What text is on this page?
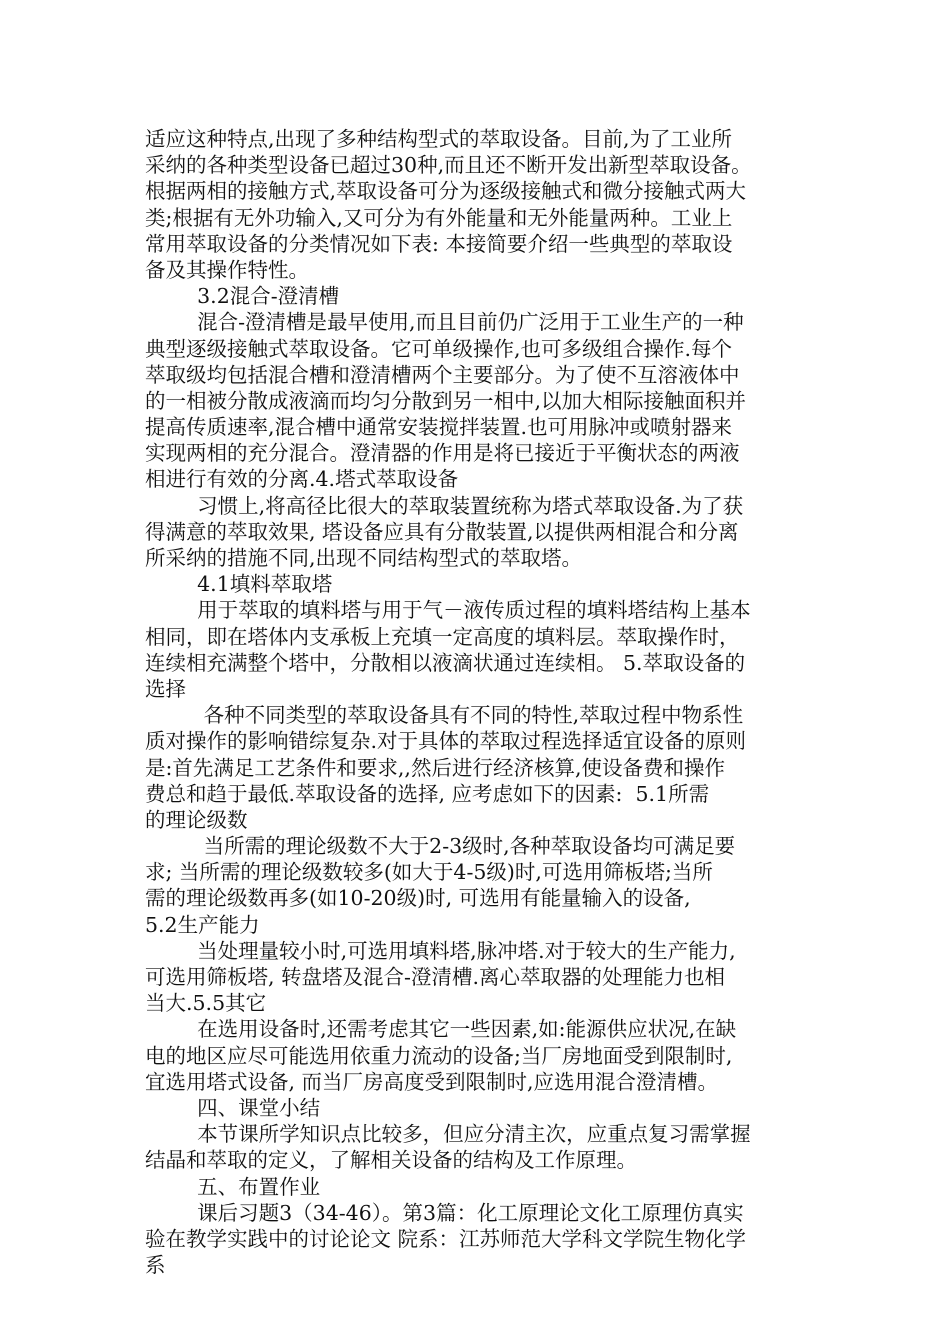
适应这种特点,出现了多种结构型式的萃取设备。目前,为了工业所
采纳的各种类型设备已超过30种,而且还不断开发出新型萃取设备。
根据两相的接触方式,萃取设备可分为逐级接触式和微分接触式两大
类;根据有无外功输入,又可分为有外能量和无外能量两种。工业上
常用萃取设备的分类情况如下表: 本接简要介绍一些典型的萃取设
备及其操作特性。
3.2混合-澄清槽
混合-澄清槽是最早使用,而且目前仍广泛用于工业生产的一种
典型逐级接触式萃取设备。它可单级操作,也可多级组合操作.每个
萃取级均包括混合槽和澄清槽两个主要部分。为了使不互溶液体中
的一相被分散成液滴而均匀分散到另一相中,以加大相际接触面积并
提高传质速率,混合槽中通常安装搅拌装置.也可用脉冲或喷射器来
实现两相的充分混合。澄清器的作用是将已接近于平衡状态的两液
相进行有效的分离.4.塔式萃取设备
习惯上,将高径比很大的萃取装置统称为塔式萃取设备.为了获
得满意的萃取效果, 塔设备应具有分散装置,以提供两相混合和分离
所采纳的措施不同,出现不同结构型式的萃取塔。
4.1填料萃取塔
用于萃取的填料塔与用于气－液传质过程的填料塔结构上基本
相同，即在塔体内支承板上充填一定高度的填料层。萃取操作时，
连续相充满整个塔中，分散相以液滴状通过连续相。 5.萃取设备的
选择
各种不同类型的萃取设备具有不同的特性,萃取过程中物系性
质对操作的影响错综复杂.对于具体的萃取过程选择适宜设备的原则
是:首先满足工艺条件和要求,,然后进行经济核算,使设备费和操作
费总和趋于最低.萃取设备的选择, 应考虑如下的因素:  5.1所需
的理论级数
当所需的理论级数不大于2-3级时,各种萃取设备均可满足要
求; 当所需的理论级数较多(如大于4-5级)时,可选用筛板塔;当所
需的理论级数再多(如10-20级)时, 可选用有能量输入的设备,
5.2生产能力
当处理量较小时,可选用填料塔,脉冲塔.对于较大的生产能力,
可选用筛板塔, 转盘塔及混合-澄清槽.离心萃取器的处理能力也相
当大.5.5其它
在选用设备时,还需考虑其它一些因素,如:能源供应状况,在缺
电的地区应尽可能选用依重力流动的设备;当厂房地面受到限制时,
宜选用塔式设备, 而当厂房高度受到限制时,应选用混合澄清槽。
四、课堂小结
本节课所学知识点比较多，但应分清主次，应重点复习需掌握
结晶和萃取的定义，了解相关设备的结构及工作原理。
五、布置作业
课后习题3（34-46）。第3篇：化工原理论文化工原理仿真实
验在教学实践中的讨论论文 院系：江苏师范大学科文学院生物化学
系
